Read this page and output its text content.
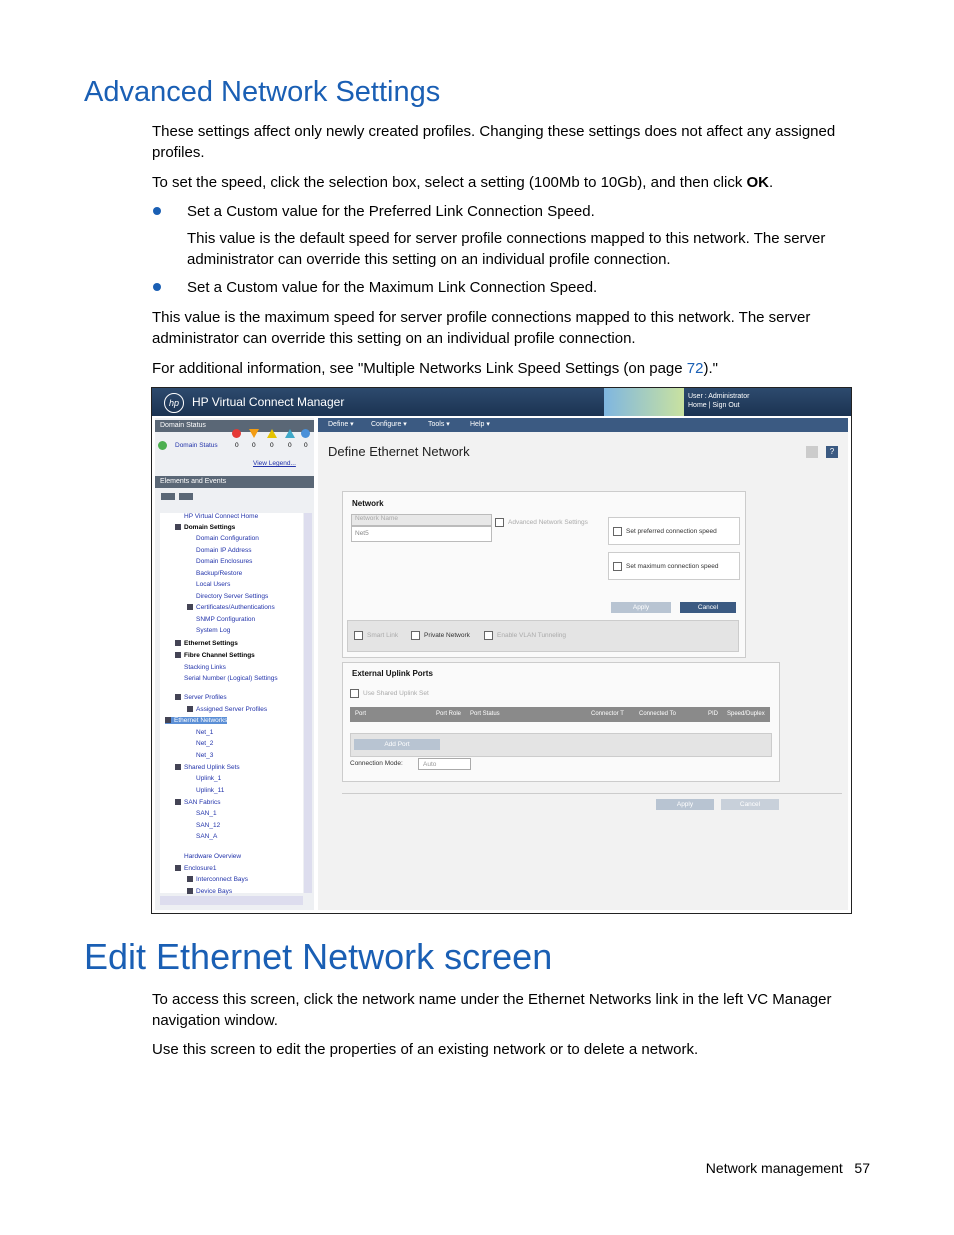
Advanced Network Settings
These settings affect only newly created profiles. Changing these settings does not affect any assigned profiles.
To set the speed, click the selection box, select a setting (100Mb to 10Gb), and then click OK.
Set a Custom value for the Preferred Link Connection Speed.
This value is the default speed for server profile connections mapped to this network. The server administrator can override this setting on an individual profile connection.
Set a Custom value for the Maximum Link Connection Speed.
This value is the maximum speed for server profile connections mapped to this network. The server administrator can override this setting on an individual profile connection.
For additional information, see "Multiple Networks Link Speed Settings (on page 72)."
hp	HP Virtual Connect Manager	User : Administrator
Home | Sign Out
Domain Status
Domain Status	0 0 0 0 0
View Legend...
Elements and Events
HP Virtual Connect Home
Domain Settings
Domain Configuration
Domain IP Address
Domain Enclosures
Backup/Restore
Local Users
Directory Server Settings
Certificates/Authentications
SNMP Configuration
System Log
Ethernet Settings
Fibre Channel Settings
Stacking Links
Serial Number (Logical) Settings
Server Profiles
Assigned Server Profiles
Ethernet Networks
Net_1
Net_2
Net_3
Shared Uplink Sets
Uplink_1
Uplink_11
SAN Fabrics
SAN_1
SAN_12
SAN_A
Hardware Overview
Enclosure1
Interconnect Bays
Device Bays
Define ▾ Configure ▾	Tools ▾	Help ▾
Define Ethernet Network	?
Network
Network Name
Net5
Advanced Network Settings
Set preferred connection speed
Set maximum connection speed
Apply	Cancel
Smart Link	Private Network	Enable VLAN Tunneling
External Uplink Ports
Use Shared Uplink Set
Port	Port Role Port Status	Connector T	Connected To	PID Speed/Duplex
Add Port
Connection Mode:	Auto
Apply	Cancel
Edit Ethernet Network screen
To access this screen, click the network name under the Ethernet Networks link in the left VC Manager navigation window.
Use this screen to edit the properties of an existing network or to delete a network.
Network management 57
